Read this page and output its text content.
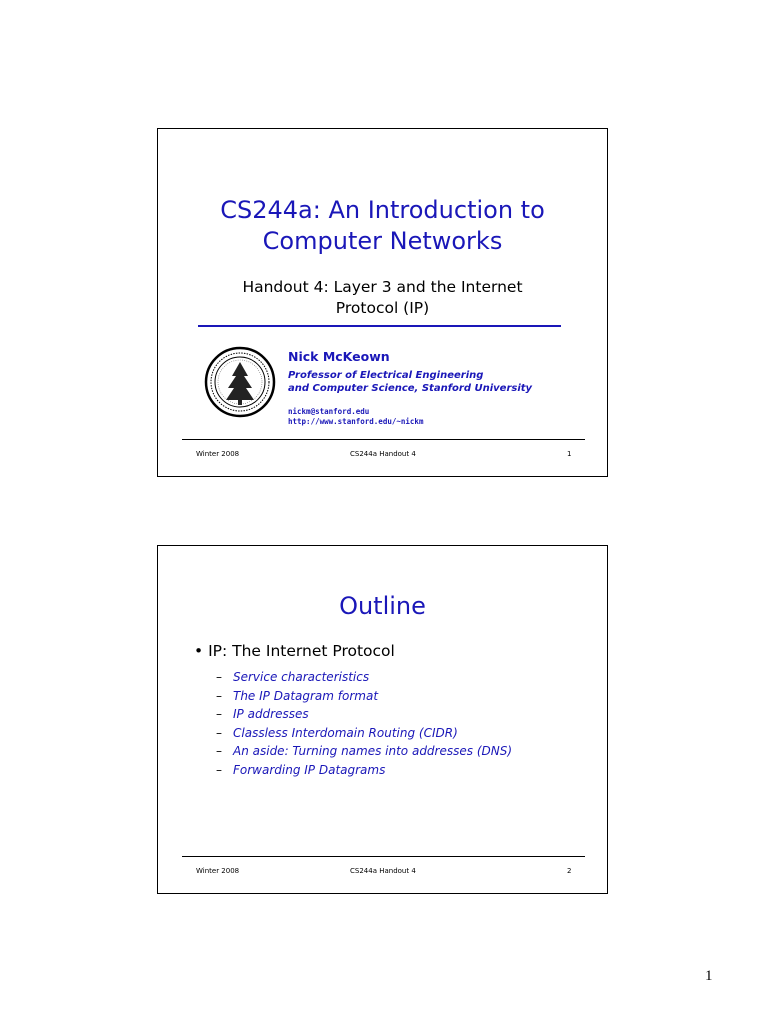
CS244a: An Introduction to
Computer Networks
Handout 4: Layer 3 and the Internet
Protocol (IP)
Nick McKeown
Professor of Electrical Engineering
and Computer Science, Stanford University
nickm@stanford.edu
http://www.stanford.edu/~nickm
Winter 2008	CS244a Handout 4	1
Outline
• IP: The Internet Protocol
– Service characteristics
– The IP Datagram format
– IP addresses
– Classless Interdomain Routing (CIDR)
– An aside: Turning names into addresses (DNS)
– Forwarding IP Datagrams
Winter 2008	CS244a Handout 4	2
1
